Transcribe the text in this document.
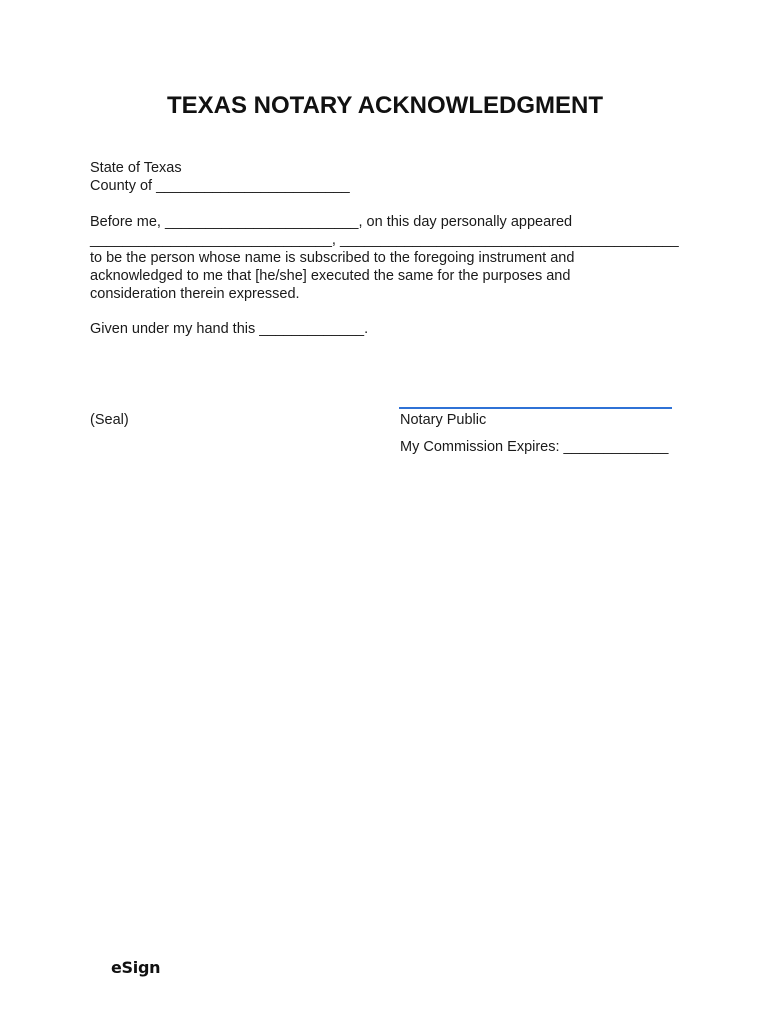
TEXAS NOTARY ACKNOWLEDGMENT
State of Texas
County of ________________________
Before me, ________________________, on this day personally appeared
______________________________, __________________________________________
to be the person whose name is subscribed to the foregoing instrument and
acknowledged to me that [he/she] executed the same for the purposes and
consideration therein expressed.
Given under my hand this _____________.
(Seal)	Notary Public
My Commission Expires: _____________
eSign
